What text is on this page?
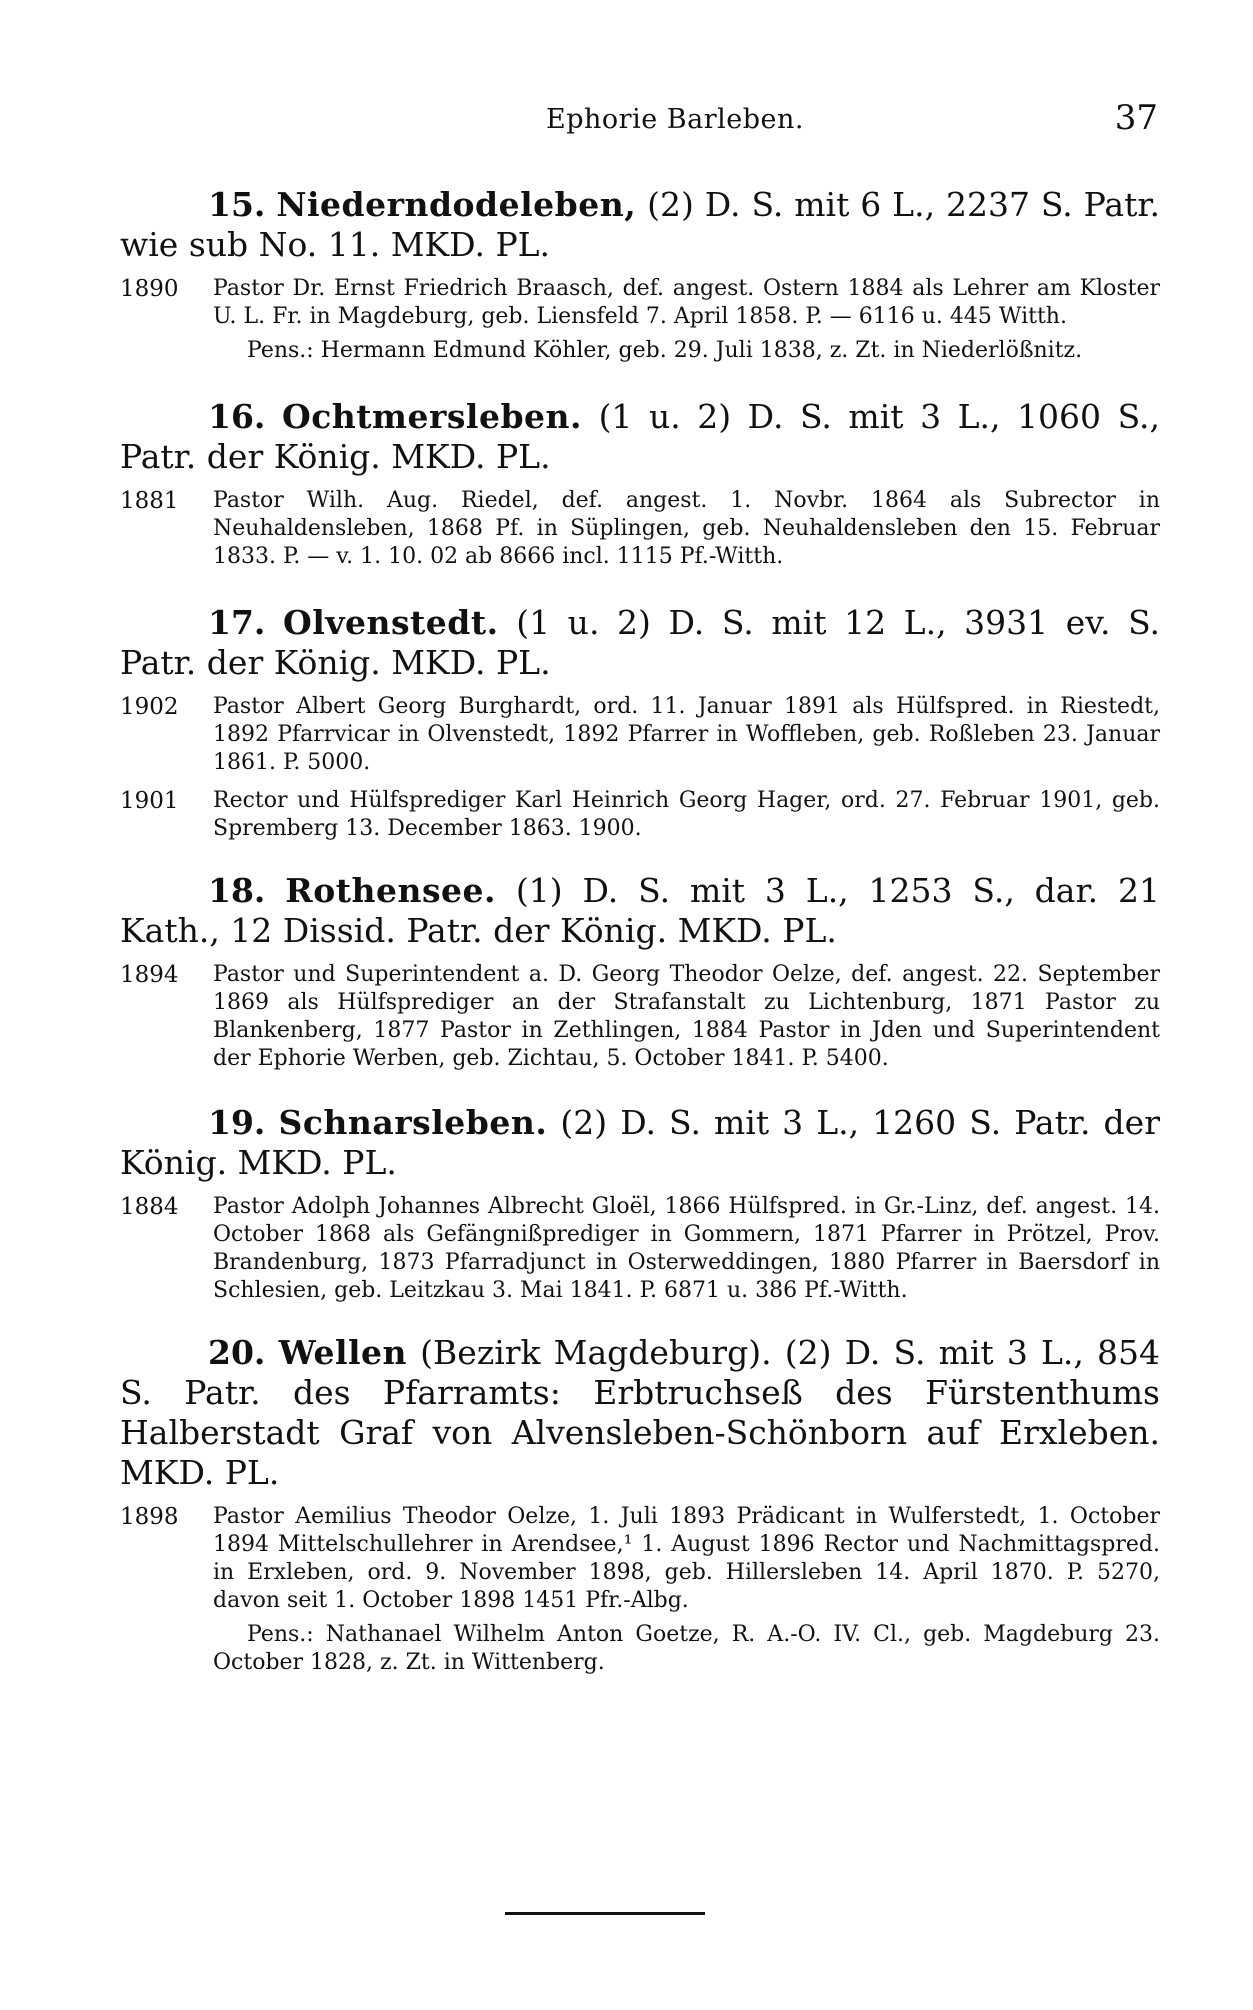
Ephorie Barleben.	37
15. Niederndodeleben, (2) D. S. mit 6 L., 2237 S. Patr. wie sub No. 11. MKD. PL.
1890	Pastor Dr. Ernst Friedrich Braasch, def. angest. Ostern 1884 als Lehrer am Kloster U. L. Fr. in Magdeburg, geb. Liensfeld 7. April 1858. P. — 6116 u. 445 Witth.
Pens.: Hermann Edmund Köhler, geb. 29. Juli 1838, z. Zt. in Niederlößnitz.
16. Ochtmersleben. (1 u. 2) D. S. mit 3 L., 1060 S., Patr. der König. MKD. PL.
1881	Pastor Wilh. Aug. Riedel, def. angest. 1. Novbr. 1864 als Subrector in Neuhaldensleben, 1868 Pf. in Süplingen, geb. Neuhaldensleben den 15. Februar 1833. P. — v. 1. 10. 02 ab 8666 incl. 1115 Pf.-Witth.
17. Olvenstedt. (1 u. 2) D. S. mit 12 L., 3931 ev. S. Patr. der König. MKD. PL.
1902	Pastor Albert Georg Burghardt, ord. 11. Januar 1891 als Hülfspred. in Riestedt, 1892 Pfarrvicar in Olvenstedt, 1892 Pfarrer in Woffleben, geb. Roßleben 23. Januar 1861. P. 5000.
1901	Rector und Hülfsprediger Karl Heinrich Georg Hager, ord. 27. Februar 1901, geb. Spremberg 13. December 1863. 1900.
18. Rothensee. (1) D. S. mit 3 L., 1253 S., dar. 21 Kath., 12 Dissid. Patr. der König. MKD. PL.
1894	Pastor und Superintendent a. D. Georg Theodor Oelze, def. angest. 22. September 1869 als Hülfsprediger an der Strafanstalt zu Lichtenburg, 1871 Pastor zu Blankenberg, 1877 Pastor in Zethlingen, 1884 Pastor in Jden und Superintendent der Ephorie Werben, geb. Zichtau, 5. October 1841. P. 5400.
19. Schnarsleben. (2) D. S. mit 3 L., 1260 S. Patr. der König. MKD. PL.
1884	Pastor Adolph Johannes Albrecht Gloël, 1866 Hülfspred. in Gr.-Linz, def. angest. 14. October 1868 als Gefängnißprediger in Gommern, 1871 Pfarrer in Prötzel, Prov. Brandenburg, 1873 Pfarradjunct in Osterweddingen, 1880 Pfarrer in Baersdorf in Schlesien, geb. Leitzkau 3. Mai 1841. P. 6871 u. 386 Pf.-Witth.
20. Wellen (Bezirk Magdeburg). (2) D. S. mit 3 L., 854 S. Patr. des Pfarramts: Erbtruchseß des Fürstenthums Halberstadt Graf von Alvensleben-Schönborn auf Erxleben. MKD. PL.
1898	Pastor Aemilius Theodor Oelze, 1. Juli 1893 Prädicant in Wulferstedt, 1. October 1894 Mittelschullehrer in Arendsee,¹ 1. August 1896 Rector und Nachmittagspred. in Erxleben, ord. 9. November 1898, geb. Hillersleben 14. April 1870. P. 5270, davon seit 1. October 1898 1451 Pfr.-Albg.
Pens.: Nathanael Wilhelm Anton Goetze, R. A.-O. IV. Cl., geb. Magdeburg 23. October 1828, z. Zt. in Wittenberg.
